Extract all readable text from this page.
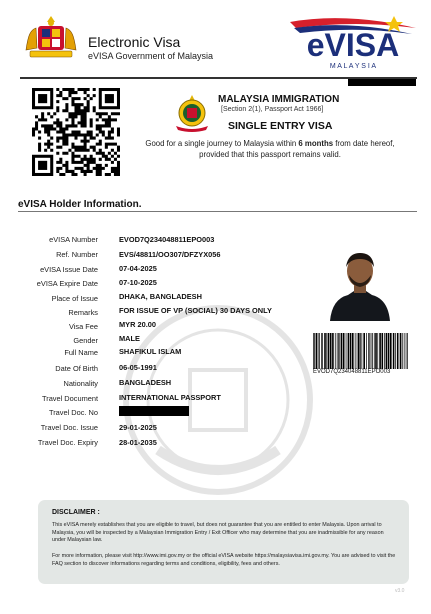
Electronic Visa
eVISA Government of Malaysia	eVISA
M A L A Y S I A
MALAYSIA IMMIGRATION
[Section 2(1), Passport Act 1966]
SINGLE ENTRY VISA
Good for a single journey to Malaysia within 6 months from date hereof, provided that this passport remains valid.
eVISA Holder Information.
eVISA Number	EVOD7Q234048811EPO003
Ref. Number	EVS/48811/OO307/DFZYX056
eVISA Issue Date	07-04-2025
eVISA Expire Date	07-10-2025
Place of Issue	DHAKA, BANGLADESH
Remarks	FOR ISSUE OF VP (SOCIAL) 30 DAYS ONLY
Visa Fee	MYR 20.00
Gender	MALE
Full Name	SHAFIKUL ISLAM
Date Of Birth	06-05-1991
Nationality	BANGLADESH
Travel Document	INTERNATIONAL PASSPORT
Travel Doc. No
Travel Doc. Issue	29-01-2025
Travel Doc. Expiry	28-01-2035
EVOD7Q234048811EPO003
DISCLAIMER :
This eVISA merely establishes that you are eligible to travel, but does not guarantee that you are entitled to enter Malaysia. Upon arrival to Malaysia, you will be inspected by a Malaysian Immigration Entry / Exit Officer who may determine that you are inadmissible for any reason under Malaysian law.
For more information, please visit http://www.imi.gov.my or the official eVISA website https://malaysiavisa.imi.gov.my. You are advised to visit the FAQ section to discover informations regarding terms and conditions, eligibility, fees and others.
v3.0
